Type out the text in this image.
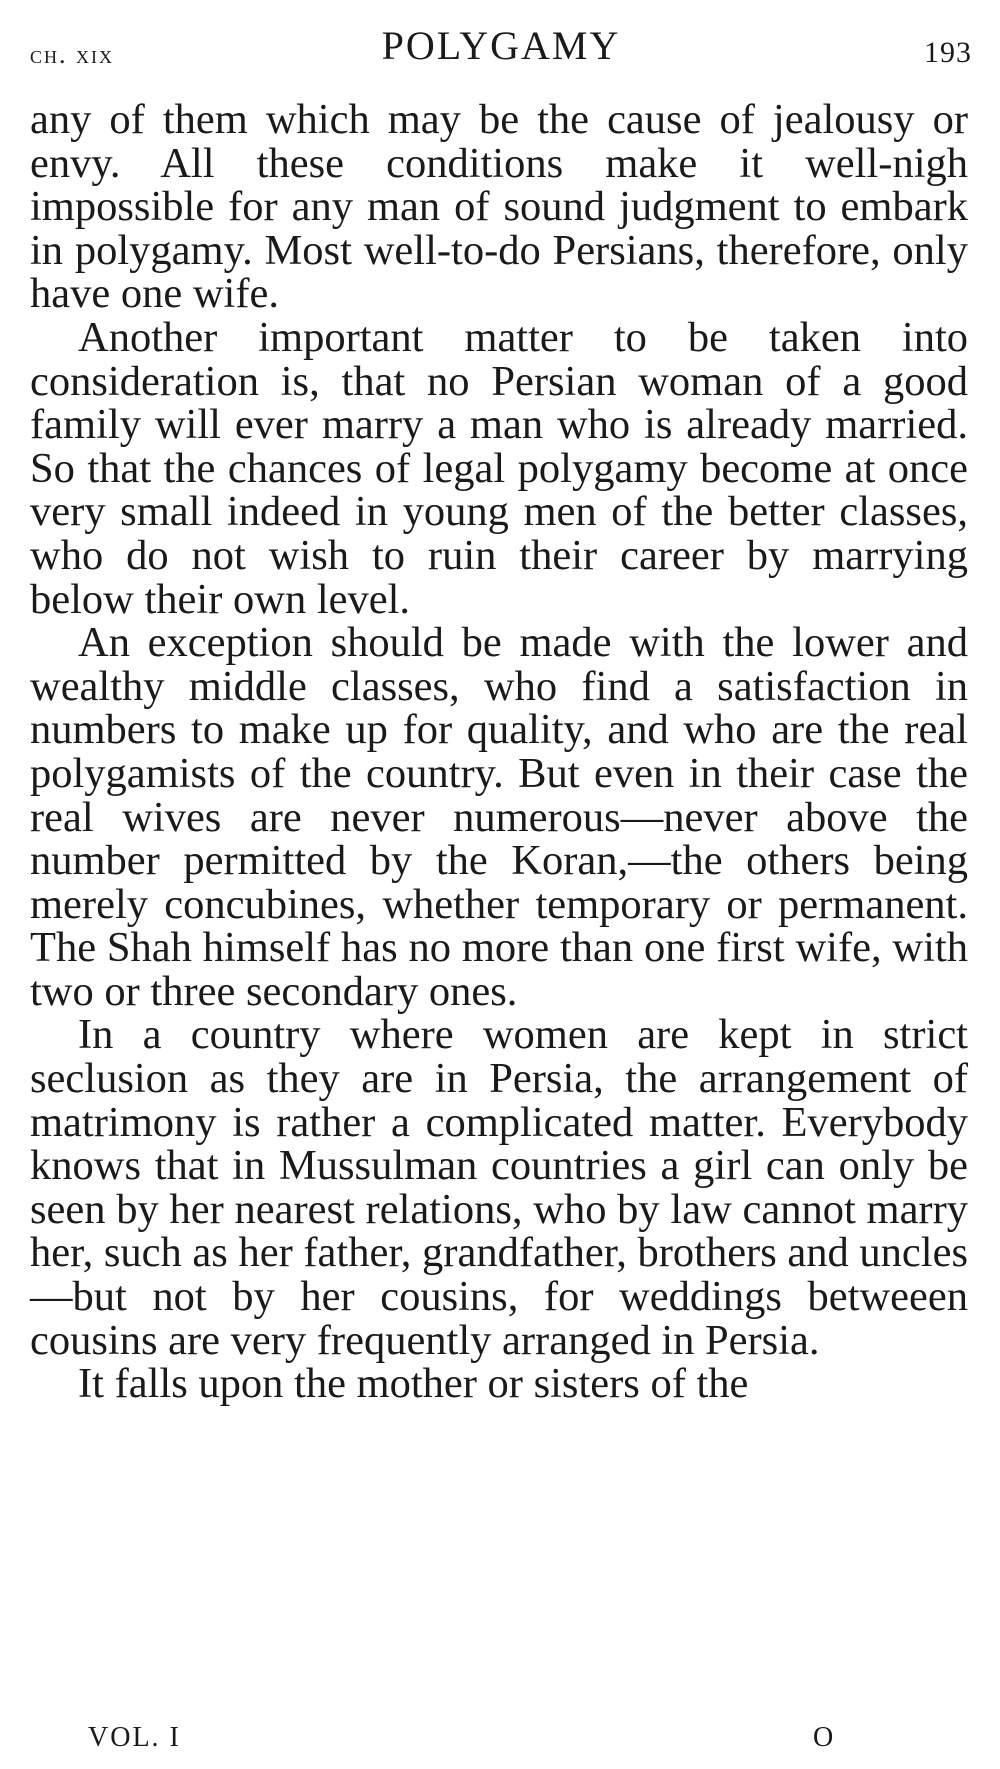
ch. xix	POLYGAMY	193

any of them which may be the cause of jealousy or envy. All these conditions make it well-nigh impossible for any man of sound judgment to embark in polygamy. Most well-to-do Persians, therefore, only have one wife.

Another important matter to be taken into consideration is, that no Persian woman of a good family will ever marry a man who is already married. So that the chances of legal polygamy become at once very small indeed in young men of the better classes, who do not wish to ruin their career by marrying below their own level.

An exception should be made with the lower and wealthy middle classes, who find a satisfaction in numbers to make up for quality, and who are the real polygamists of the country. But even in their case the real wives are never numerous—never above the number permitted by the Koran,—the others being merely concubines, whether temporary or permanent. The Shah himself has no more than one first wife, with two or three secondary ones.

In a country where women are kept in strict seclusion as they are in Persia, the arrangement of matrimony is rather a complicated matter. Everybody knows that in Mussulman countries a girl can only be seen by her nearest relations, who by law cannot marry her, such as her father, grandfather, brothers and uncles—but not by her cousins, for weddings betweeen cousins are very frequently arranged in Persia.

It falls upon the mother or sisters of the

VOL. I	O
